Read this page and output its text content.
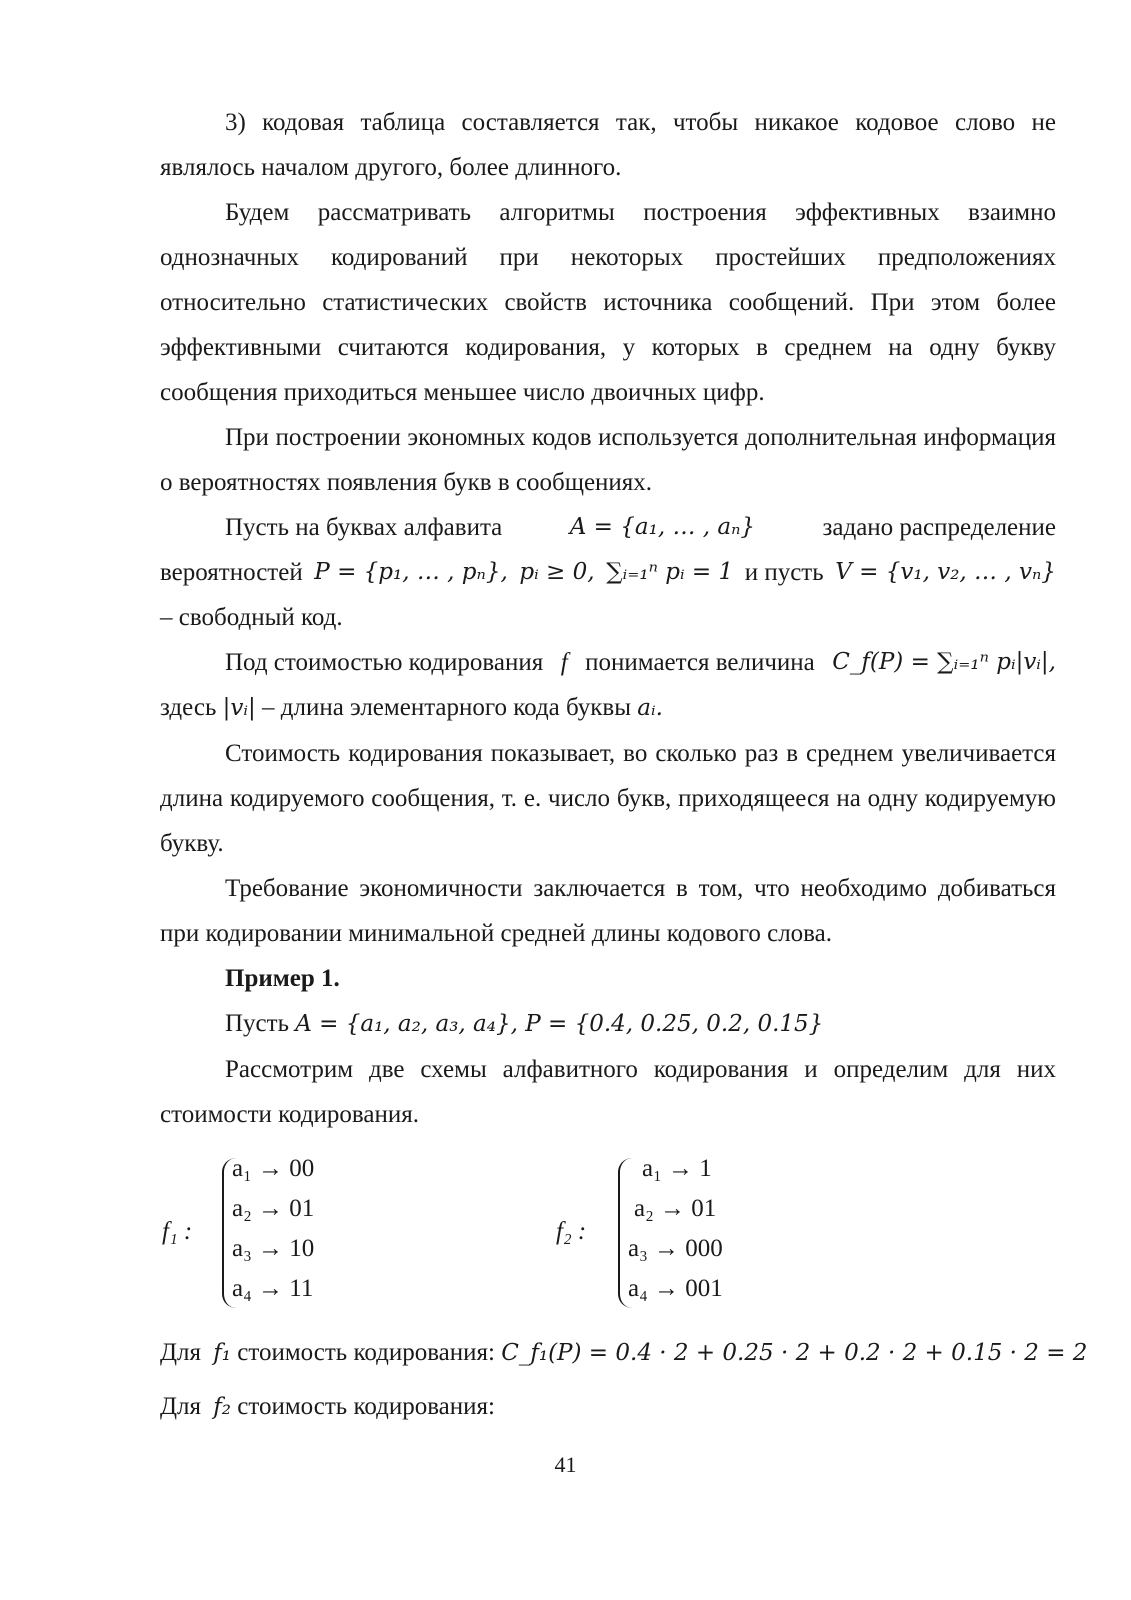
3) кодовая таблица составляется так, чтобы никакое кодовое слово не
являлось началом другого, более длинного.
Будем рассматривать алгоритмы построения эффективных взаимно однозначных кодирований при некоторых простейших предположениях относительно статистических свойств источника сообщений. При этом более эффективными считаются кодирования, у которых в среднем на одну букву сообщения приходиться меньшее число двоичных цифр.
При построении экономных кодов используется дополнительная информация о вероятностях появления букв в сообщениях.
Пусть на буквах алфавита	A = {a₁, … , aₙ}	задано распределение
вероятностей P = {p₁, … , pₙ}, pᵢ ≥ 0, ∑ᵢ₌₁ⁿ pᵢ = 1 и пусть V = {v₁, v₂, … , vₙ}
– свободный код.
Под стоимостью кодирования f понимается величина C_f(P) = ∑ᵢ₌₁ⁿ pᵢ|vᵢ|,
здесь |vᵢ| – длина элементарного кода буквы aᵢ.
Стоимость кодирования показывает, во сколько раз в среднем увеличивается длина кодируемого сообщения, т. е. число букв, приходящееся на одну кодируемую букву.
Требование экономичности заключается в том, что необходимо добиваться при кодировании минимальной средней длины кодового слова.
Пример 1.
Пусть A = {a₁, a₂, a₃, a₄}, P = {0.4, 0.25, 0.2, 0.15}
Рассмотрим две схемы алфавитного кодирования и определим для них стоимости кодирования.
f₁ :
a₁ → 00
a₂ → 01
a₃ → 10
a₄ → 11
f₂ :
a₁ → 1
a₂ → 01
a₃ → 000
a₄ → 001
Для f₁ стоимость кодирования: C_f₁(P) = 0.4 · 2 + 0.25 · 2 + 0.2 · 2 + 0.15 · 2 = 2
Для f₂ стоимость кодирования:
41
